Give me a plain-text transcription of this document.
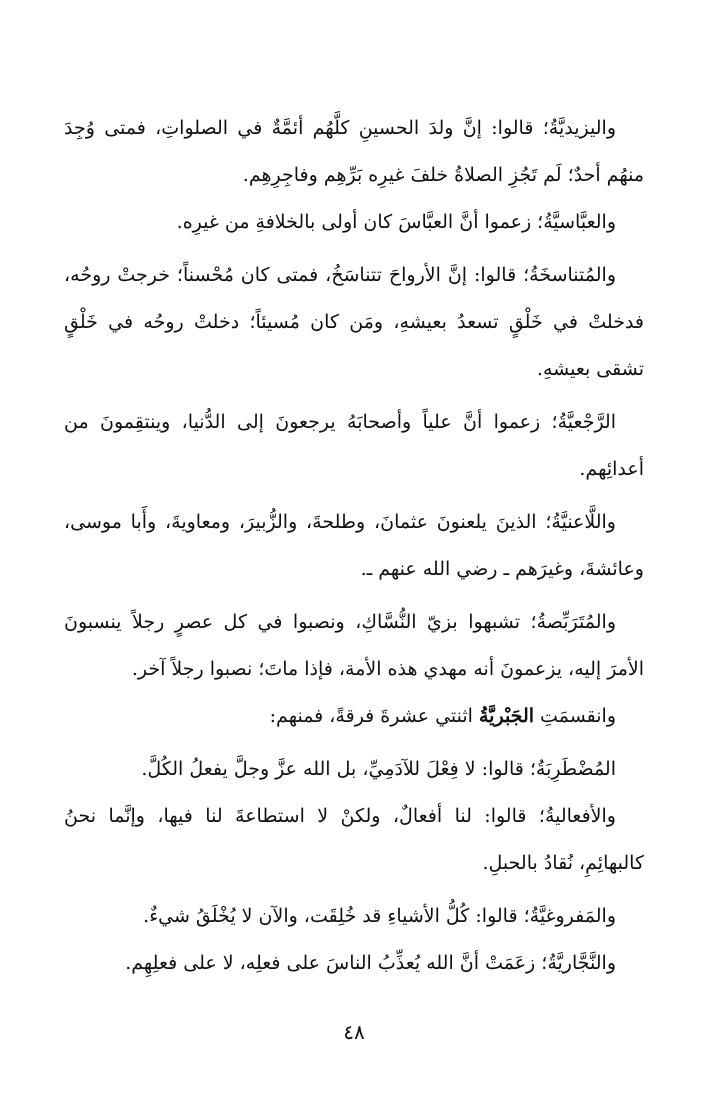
واليزيديَّةُ؛ قالوا: إنَّ ولدَ الحسينِ كلَّهُم أئمَّةٌ في الصلواتِ، فمتى وُجِدَ منهُم أحدٌ؛ لَم تَجُزِ الصلاةُ خلفَ غيرِه بَرِّهِم وفاجِرِهِم.

والعبَّاسيَّةُ؛ زعموا أنَّ العبَّاسَ كان أولى بالخلافةِ من غيرِه.

والمُتناسخَةُ؛ قالوا: إنَّ الأرواحَ تتناسَخُ، فمتى كان مُحْسناً؛ خرجتْ روحُه، فدخلتْ في خَلْقٍ تسعدُ بعيشهِ، ومَن كان مُسيئاً؛ دخلتْ روحُه في خَلْقٍ تشقى بعيشهِ.

الرَّجْعيَّةُ؛ زعموا أنَّ علياً وأصحابَهُ يرجعونَ إلى الدُّنيا، وينتقِمونَ من أعدائِهم.

واللَّاعنيَّةُ؛ الذينَ يلعنونَ عثمانَ، وطلحةَ، والزُّبيرَ، ومعاويةَ، وأَبا موسى، وعائشةَ، وغيرَهم ـ رضي الله عنهم ـ.

والمُتَرَبِّصةُ؛ تشبهوا بزيّ النُّسَّاكِ، ونصبوا في كل عصرٍ رجلاً ينسبونَ الأمرَ إليه، يزعمونَ أنه مهدي هذه الأمة، فإذا ماتَ؛ نصبوا رجلاً آخر.

وانقسمَتِ الجَبْريَّةُ اثنتي عشرةَ فرقةً، فمنهم:

المُضْطَرِبَةُ؛ قالوا: لا فِعْلَ للآدَمِيِّ، بل الله عزَّ وجلَّ يفعلُ الكُلَّ.

والأفعاليةُ؛ قالوا: لنا أفعالٌ، ولكنْ لا استطاعةَ لنا فيها، وإنَّما نحنُ كالبهائِمِ، نُقادُ بالحبلِ.

والمَفروغيَّةُ؛ قالوا: كُلُّ الأشياءِ قد خُلِقَت، والآن لا يُخْلَقُ شيءٌ.

والنَّجَّاريَّةُ؛ زعَمَتْ أنَّ الله يُعذِّبُ الناسَ على فعلِه، لا على فعلِهِم.

٤٨
